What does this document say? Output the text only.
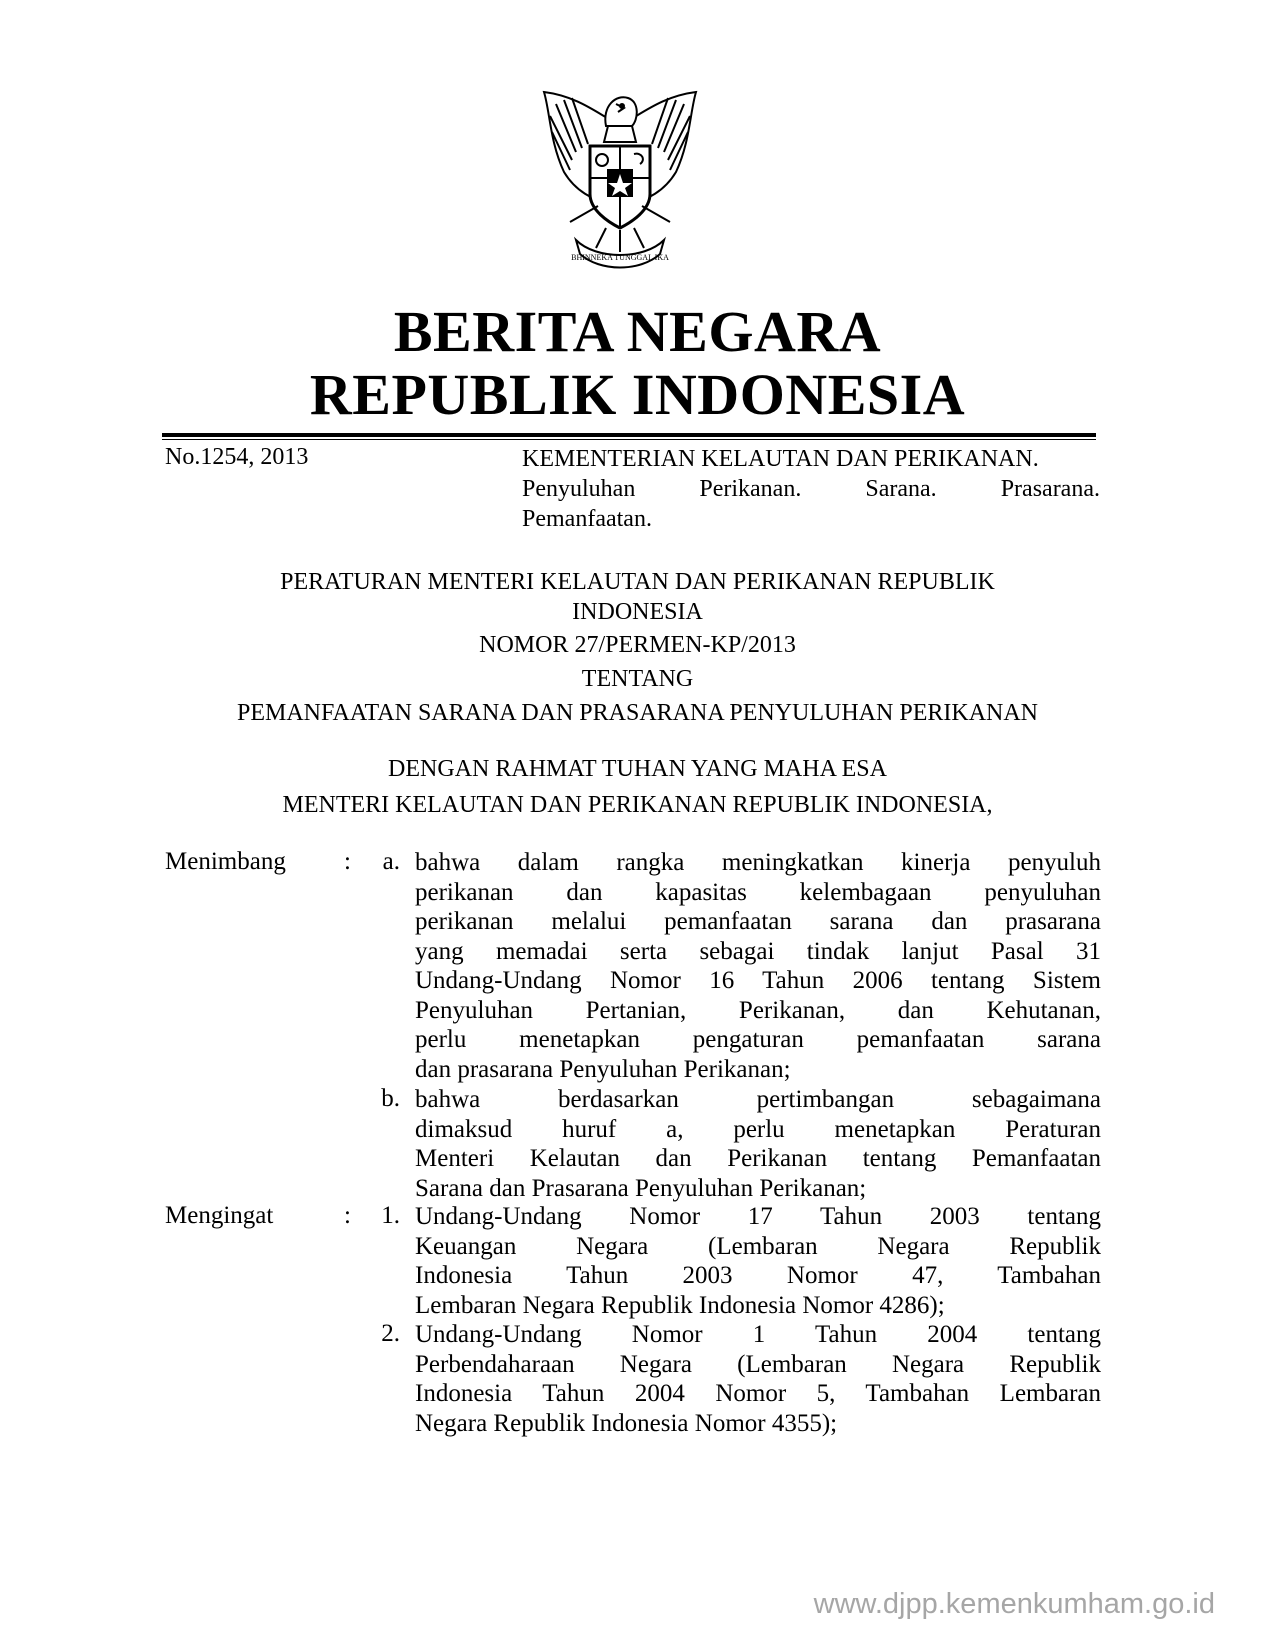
BHINNEKA TUNGGAL IKA
BERITA NEGARA
REPUBLIK INDONESIA
No.1254, 2013	KEMENTERIAN KELAUTAN DAN PERIKANAN.
Penyuluhan Perikanan. Sarana. Prasarana.
Pemanfaatan.
PERATURAN MENTERI KELAUTAN DAN PERIKANAN REPUBLIK
INDONESIA
NOMOR 27/PERMEN-KP/2013
TENTANG
PEMANFAATAN SARANA DAN PRASARANA PENYULUHAN PERIKANAN
DENGAN RAHMAT TUHAN YANG MAHA ESA
MENTERI KELAUTAN DAN PERIKANAN REPUBLIK INDONESIA,
Menimbang :	a. bahwa dalam rangka meningkatkan kinerja penyuluh
perikanan dan kapasitas kelembagaan penyuluhan
perikanan melalui pemanfaatan sarana dan prasarana
yang memadai serta sebagai tindak lanjut Pasal 31
Undang-Undang Nomor 16 Tahun 2006 tentang Sistem
Penyuluhan Pertanian, Perikanan, dan Kehutanan,
perlu menetapkan pengaturan pemanfaatan sarana
dan prasarana Penyuluhan Perikanan;
b. bahwa berdasarkan pertimbangan sebagaimana
dimaksud huruf a, perlu menetapkan Peraturan
Menteri Kelautan dan Perikanan tentang Pemanfaatan
Sarana dan Prasarana Penyuluhan Perikanan;
Mengingat	:	1. Undang-Undang Nomor 17 Tahun 2003 tentang
Keuangan Negara (Lembaran Negara Republik
Indonesia Tahun 2003 Nomor 47, Tambahan
Lembaran Negara Republik Indonesia Nomor 4286);
2. Undang-Undang Nomor 1 Tahun 2004 tentang
Perbendaharaan Negara (Lembaran Negara Republik
Indonesia Tahun 2004 Nomor 5, Tambahan Lembaran
Negara Republik Indonesia Nomor 4355);
www.djpp.kemenkumham.go.id
